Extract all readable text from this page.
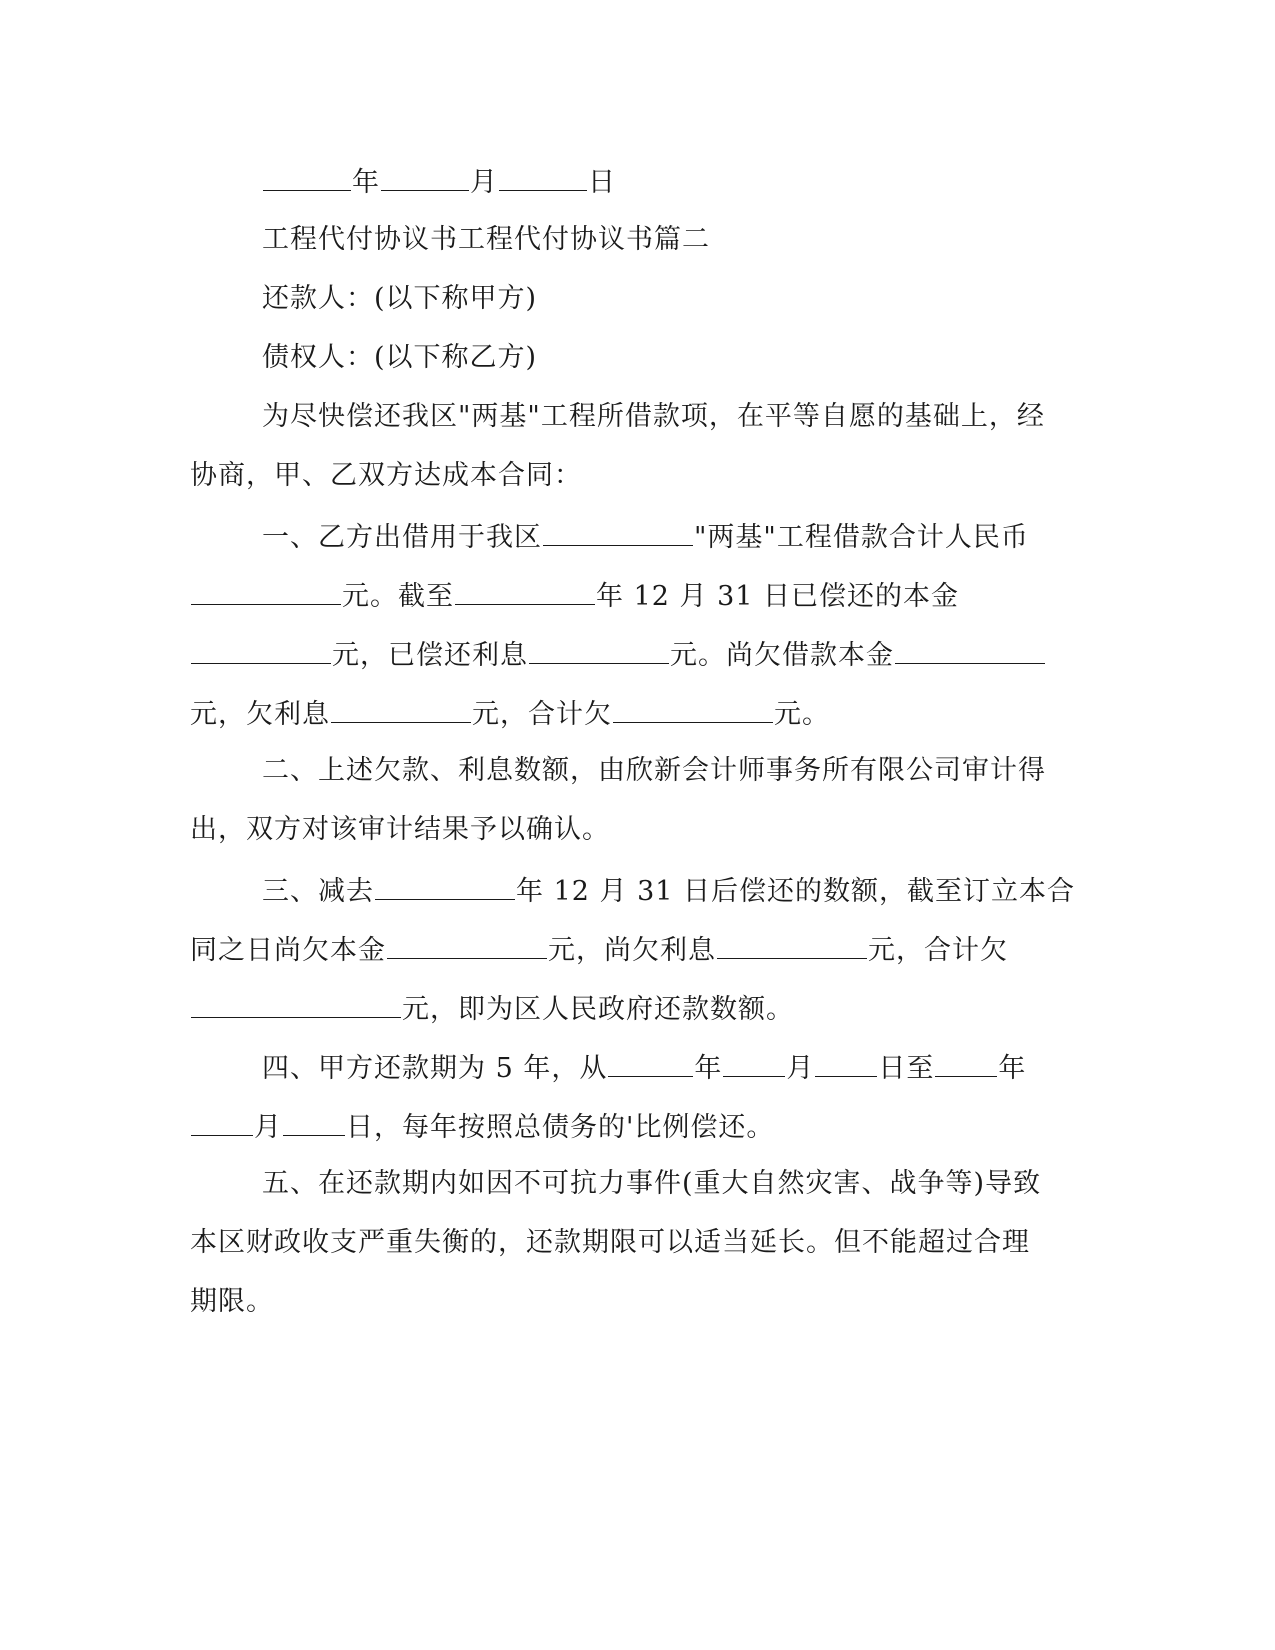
年	月	日
工程代付协议书工程代付协议书篇二
还款人：(以下称甲方)
债权人：(以下称乙方)
为尽快偿还我区"两基"工程所借款项，在平等自愿的基础上，经
协商，甲、乙双方达成本合同：
一、乙方出借用于我区	"两基"工程借款合计人民币
元。截至	年 12 月 31 日已偿还的本金
元，已偿还利息	元。尚欠借款本金
元，欠利息	元，合计欠	元。
二、上述欠款、利息数额，由欣新会计师事务所有限公司审计得
出，双方对该审计结果予以确认。
三、减去	年 12 月 31 日后偿还的数额，截至订立本合
同之日尚欠本金	元，尚欠利息	元，合计欠
元，即为区人民政府还款数额。
四、甲方还款期为 5 年，从	年 月 日至 年
月 日，每年按照总债务的'比例偿还。
五、在还款期内如因不可抗力事件(重大自然灾害、战争等)导致
本区财政收支严重失衡的，还款期限可以适当延长。但不能超过合理
期限。
